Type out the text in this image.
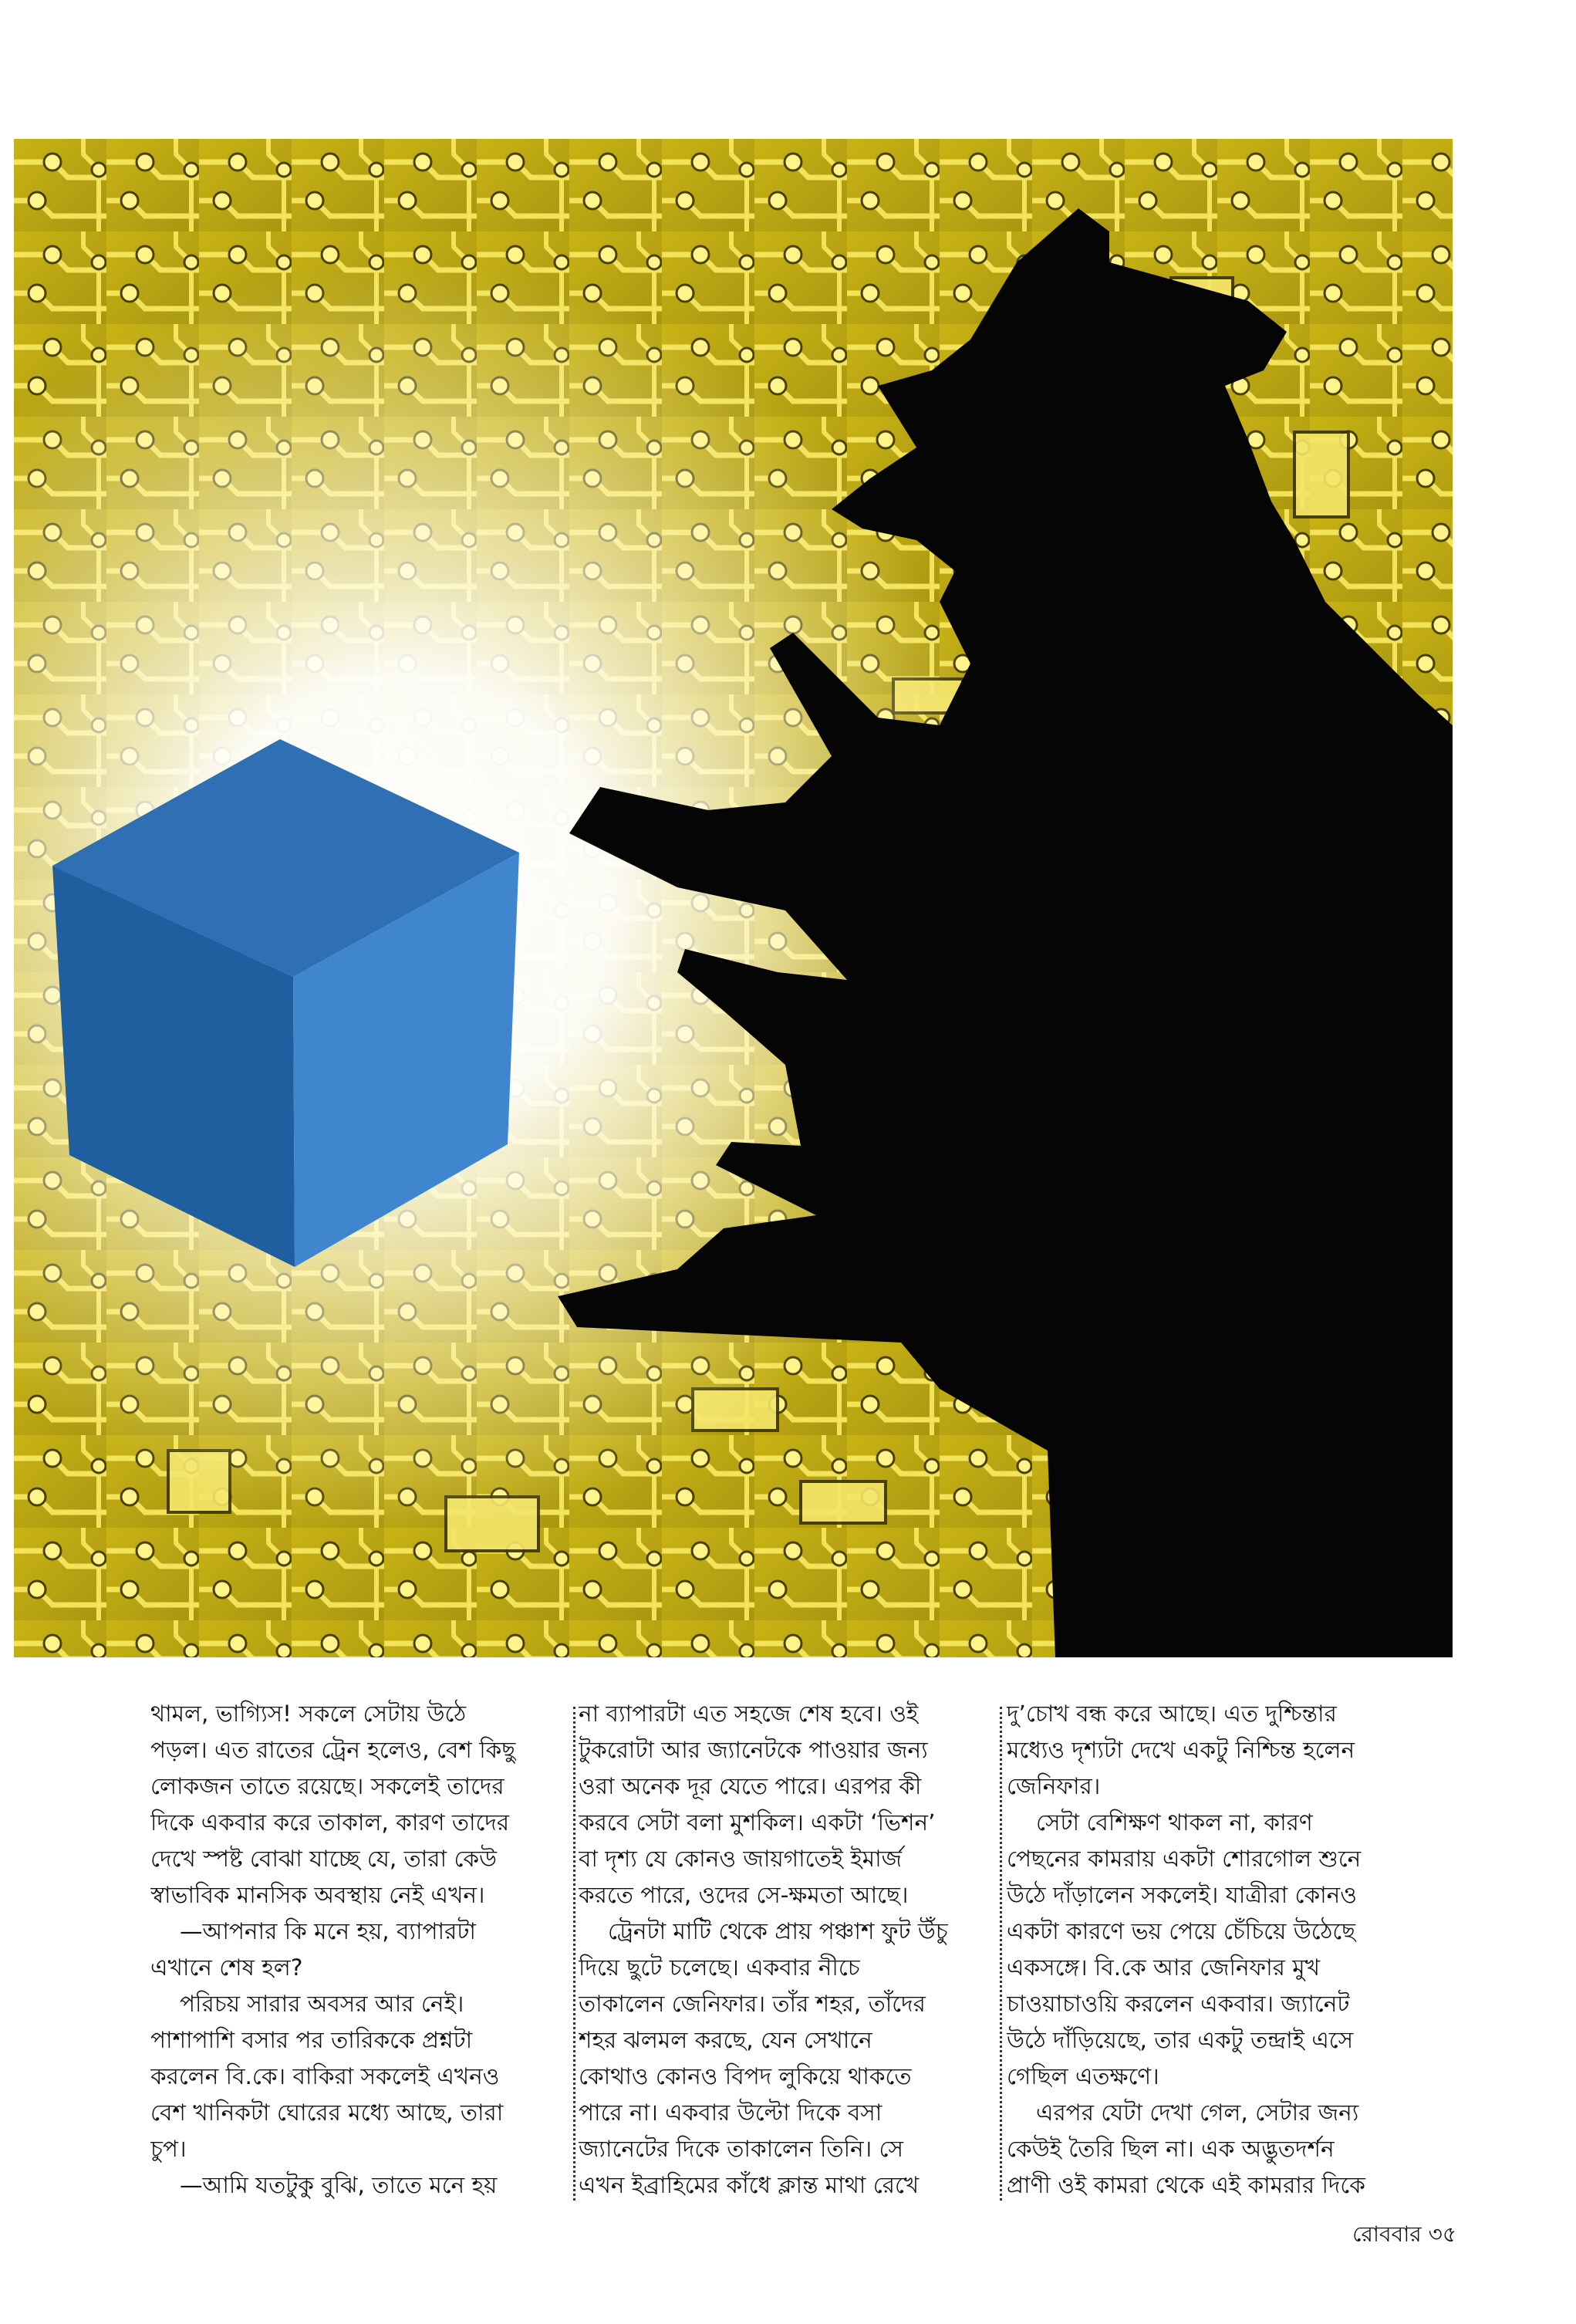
থামল, ভাগ্যিস! সকলে সেটায় উঠে
পড়ল। এত রাতের ট্রেন হলেও, বেশ কিছু
লোকজন তাতে রয়েছে। সকলেই তাদের
দিকে একবার করে তাকাল, কারণ তাদের
দেখে স্পষ্ট বোঝা যাচ্ছে যে, তারা কেউ
স্বাভাবিক মানসিক অবস্থায় নেই এখন।
—আপনার কি মনে হয়, ব্যাপারটা
এখানে শেষ হল?
পরিচয় সারার অবসর আর নেই।
পাশাপাশি বসার পর তারিককে প্রশ্নটা
করলেন বি.কে। বাকিরা সকলেই এখনও
বেশ খানিকটা ঘোরের মধ্যে আছে, তারা
চুপ।
—আমি যতটুকু বুঝি, তাতে মনে হয়
না ব্যাপারটা এত সহজে শেষ হবে। ওই
টুকরোটা আর জ্যানেটকে পাওয়ার জন্য
ওরা অনেক দূর যেতে পারে। এরপর কী
করবে সেটা বলা মুশকিল। একটা ‘ভিশন’
বা দৃশ্য যে কোনও জায়গাতেই ইমার্জ
করতে পারে, ওদের সে-ক্ষমতা আছে।
ট্রেনটা মাটি থেকে প্রায় পঞ্চাশ ফুট উঁচু
দিয়ে ছুটে চলেছে। একবার নীচে
তাকালেন জেনিফার। তাঁর শহর, তাঁদের
শহর ঝলমল করছে, যেন সেখানে
কোথাও কোনও বিপদ লুকিয়ে থাকতে
পারে না। একবার উল্টো দিকে বসা
জ্যানেটের দিকে তাকালেন তিনি। সে
এখন ইব্রাহিমের কাঁধে ক্লান্ত মাথা রেখে
দু’চোখ বন্ধ করে আছে। এত দুশ্চিন্তার
মধ্যেও দৃশ্যটা দেখে একটু নিশ্চিন্ত হলেন
জেনিফার।
সেটা বেশিক্ষণ থাকল না, কারণ
পেছনের কামরায় একটা শোরগোল শুনে
উঠে দাঁড়ালেন সকলেই। যাত্রীরা কোনও
একটা কারণে ভয় পেয়ে চেঁচিয়ে উঠেছে
একসঙ্গে। বি.কে আর জেনিফার মুখ
চাওয়াচাওয়ি করলেন একবার। জ্যানেট
উঠে দাঁড়িয়েছে, তার একটু তন্দ্রাই এসে
গেছিল এতক্ষণে।
এরপর যেটা দেখা গেল, সেটার জন্য
কেউই তৈরি ছিল না। এক অদ্ভুতদর্শন
প্রাণী ওই কামরা থেকে এই কামরার দিকে
রোববার ৩৫
